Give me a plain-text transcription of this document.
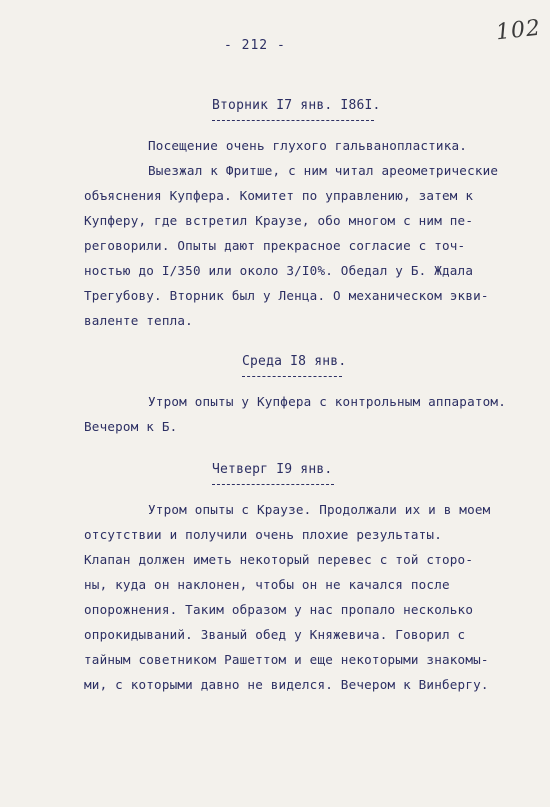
- 212 -
102
Вторник I7 янв. I86I.
Посещение очень глухого гальванопластика.
Выезжал к Фритше, с ним читал ареометрические
объяснения Купфера. Комитет по управлению, затем к
Купферу, где встретил Краузе, обо многом с ним пе-
реговорили. Опыты дают прекрасное согласие с точ-
ностью до I/350 или около 3/I0%. Обедал у Б. Ждала
Трегубову. Вторник был у Ленца. О механическом экви-
валенте тепла.
Среда I8 янв.
Утром опыты у Купфера с контрольным аппаратом.
Вечером к Б.
Четверг I9 янв.
Утром опыты с Краузе. Продолжали их и в моем
отсутствии и получили очень плохие результаты.
Клапан должен иметь некоторый перевес с той сторо-
ны, куда он наклонен, чтобы он не качался после
опорожнения. Таким образом у нас пропало несколько
опрокидываний. Званый обед у Княжевича. Говорил с
тайным советником Рашеттом и еще некоторыми знакомы-
ми, с которыми давно не виделся. Вечером к Винбергу.
